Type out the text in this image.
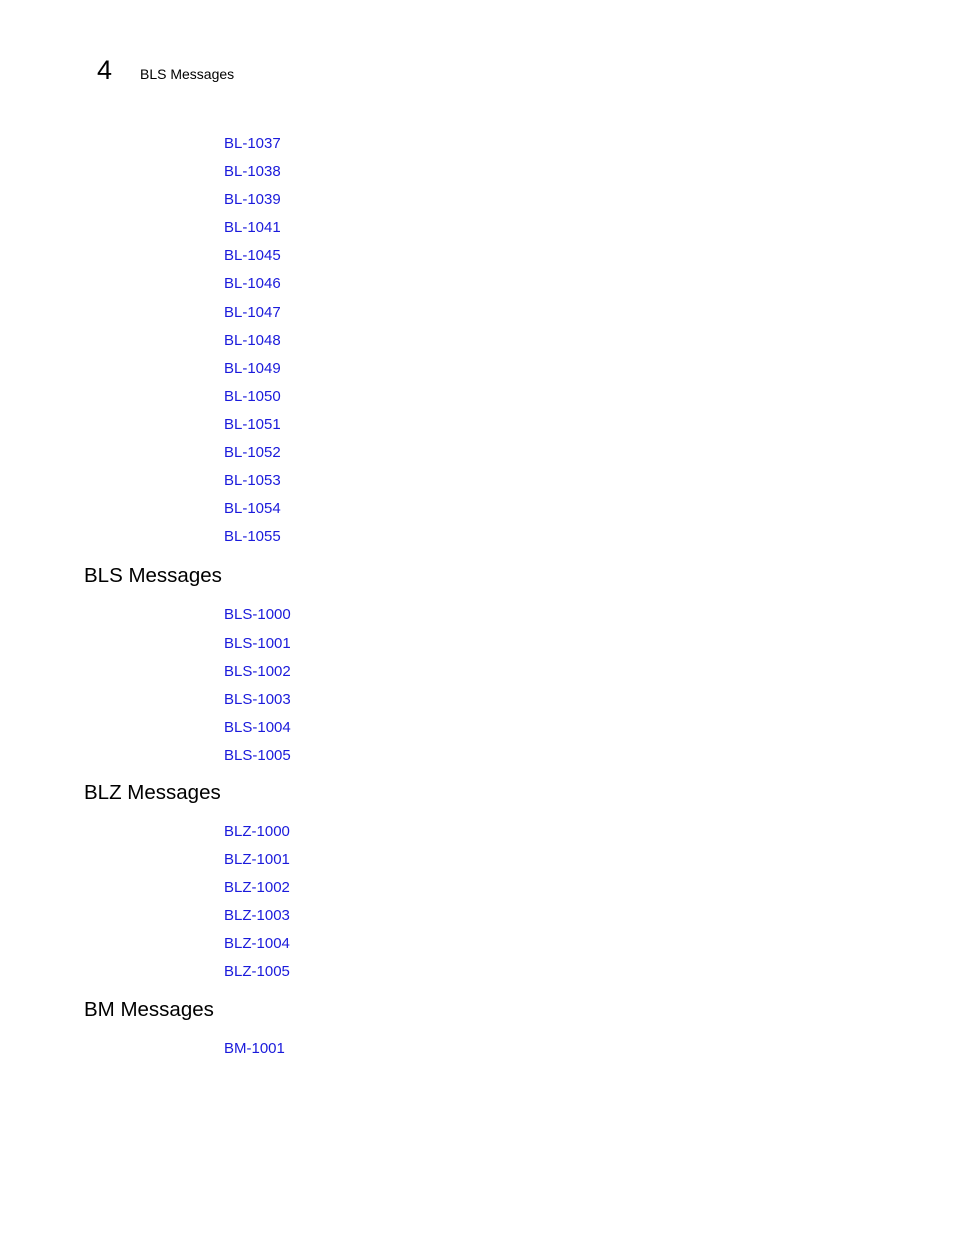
4 BLS Messages
BL-1037
BL-1038
BL-1039
BL-1041
BL-1045
BL-1046
BL-1047
BL-1048
BL-1049
BL-1050
BL-1051
BL-1052
BL-1053
BL-1054
BL-1055
BLS Messages
BLS-1000
BLS-1001
BLS-1002
BLS-1003
BLS-1004
BLS-1005
BLZ Messages
BLZ-1000
BLZ-1001
BLZ-1002
BLZ-1003
BLZ-1004
BLZ-1005
BM Messages
BM-1001
